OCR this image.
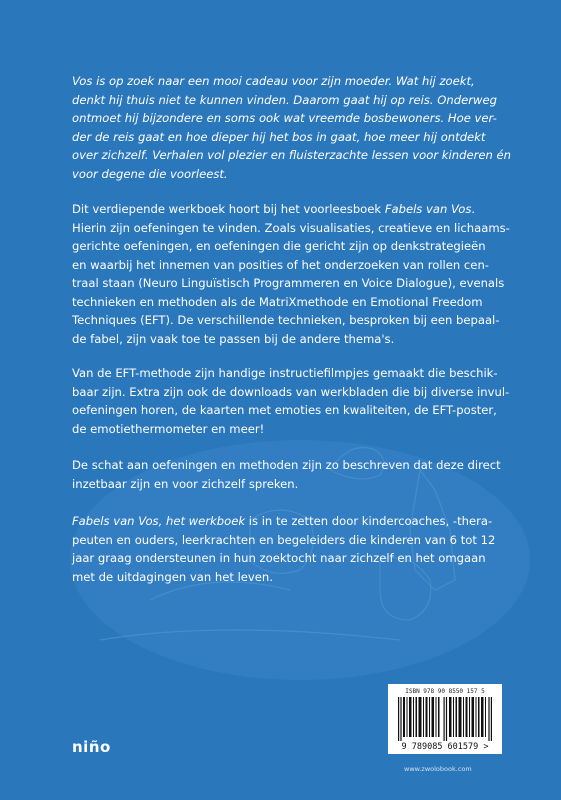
Vos is op zoek naar een mooi cadeau voor zijn moeder. Wat hij zoekt,
denkt hij thuis niet te kunnen vinden. Daarom gaat hij op reis. Onderweg
ontmoet hij bijzondere en soms ook wat vreemde bosbewoners. Hoe ver-
der de reis gaat en hoe dieper hij het bos in gaat, hoe meer hij ontdekt
over zichzelf. Verhalen vol plezier en fluisterzachte lessen voor kinderen én
voor degene die voorleest.
Dit verdiepende werkboek hoort bij het voorleesboek Fabels van Vos.
Hierin zijn oefeningen te vinden. Zoals visualisaties, creatieve en lichaams-
gerichte oefeningen, en oefeningen die gericht zijn op denkstrategieën
en waarbij het innemen van posities of het onderzoeken van rollen cen-
traal staan (Neuro Linguïstisch Programmeren en Voice Dialogue), evenals
technieken en methoden als de MatriXmethode en Emotional Freedom
Techniques (EFT). De verschillende technieken, besproken bij een bepaal-
de fabel, zijn vaak toe te passen bij de andere thema's.
Van de EFT-methode zijn handige instructiefilmpjes gemaakt die beschik-
baar zijn. Extra zijn ook de downloads van werkbladen die bij diverse invul-
oefeningen horen, de kaarten met emoties en kwaliteiten, de EFT-poster,
de emotiethermometer en meer!
De schat aan oefeningen en methoden zijn zo beschreven dat deze direct
inzetbaar zijn en voor zichzelf spreken.
Fabels van Vos, het werkboek is in te zetten door kindercoaches, -thera-
peuten en ouders, leerkrachten en begeleiders die kinderen van 6 tot 12
jaar graag ondersteunen in hun zoektocht naar zichzelf en het omgaan
met de uitdagingen van het leven.
niño
ISBN 978 90 8550 157 5
9 789085 601579 >
www.zwolobook.com
